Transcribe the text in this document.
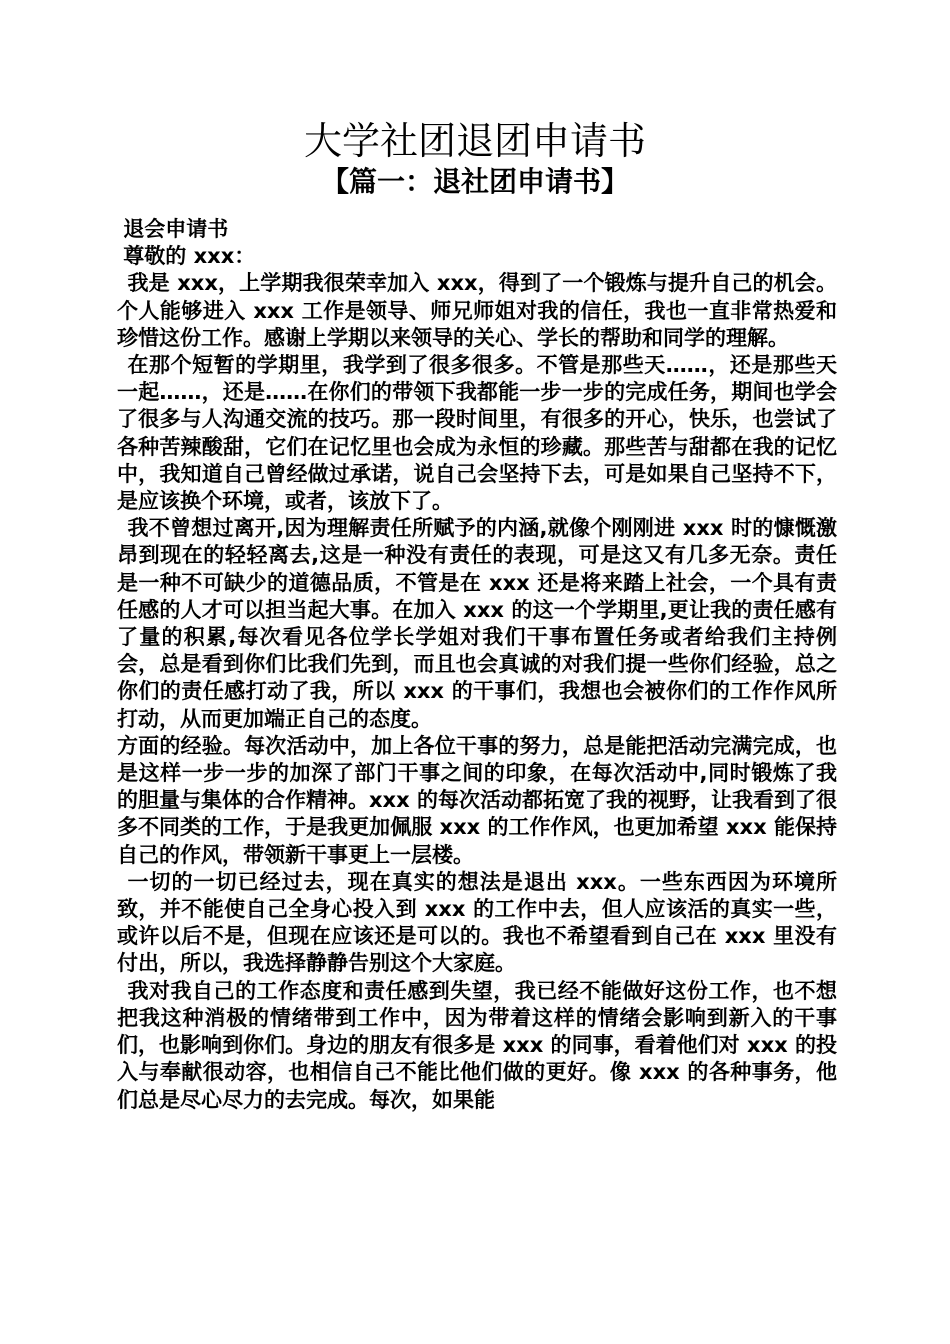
大学社团退团申请书
【篇一：退社团申请书】

退会申请书

尊敬的 xxx：

我是 xxx，上学期我很荣幸加入 xxx，得到了一个锻炼与提升自己的机会。个人能够进入 xxx 工作是领导、师兄师姐对我的信任，我也一直非常热爱和珍惜这份工作。感谢上学期以来领导的关心、学长的帮助和同学的理解。

在那个短暂的学期里，我学到了很多很多。不管是那些天……，还是那些天一起……，还是……在你们的带领下我都能一步一步的完成任务，期间也学会了很多与人沟通交流的技巧。那一段时间里，有很多的开心，快乐，也尝试了各种苦辣酸甜，它们在记忆里也会成为永恒的珍藏。那些苦与甜都在我的记忆中，我知道自己曾经做过承诺，说自己会坚持下去，可是如果自己坚持不下，是应该换个环境，或者，该放下了。

我不曾想过离开,因为理解责任所赋予的内涵,就像个刚刚进 xxx 时的慷慨激昂到现在的轻轻离去,这是一种没有责任的表现，可是这又有几多无奈。责任是一种不可缺少的道德品质，不管是在 xxx 还是将来踏上社会，一个具有责任感的人才可以担当起大事。在加入 xxx 的这一个学期里,更让我的责任感有了量的积累,每次看见各位学长学姐对我们干事布置任务或者给我们主持例会，总是看到你们比我们先到，而且也会真诚的对我们提一些你们经验，总之你们的责任感打动了我，所以 xxx 的干事们，我想也会被你们的工作作风所打动，从而更加端正自己的态度。

方面的经验。每次活动中，加上各位干事的努力，总是能把活动完满完成，也是这样一步一步的加深了部门干事之间的印象，在每次活动中,同时锻炼了我的胆量与集体的合作精神。xxx 的每次活动都拓宽了我的视野，让我看到了很多不同类的工作，于是我更加佩服 xxx 的工作作风，也更加希望 xxx 能保持自己的作风，带领新干事更上一层楼。

一切的一切已经过去，现在真实的想法是退出 xxx。一些东西因为环境所致，并不能使自己全身心投入到 xxx 的工作中去，但人应该活的真实一些，或许以后不是，但现在应该还是可以的。我也不希望看到自己在 xxx 里没有付出，所以，我选择静静告别这个大家庭。

我对我自己的工作态度和责任感到失望，我已经不能做好这份工作，也不想把我这种消极的情绪带到工作中，因为带着这样的情绪会影响到新入的干事们，也影响到你们。身边的朋友有很多是 xxx 的同事，看着他们对 xxx 的投入与奉献很动容，也相信自己不能比他们做的更好。像 xxx 的各种事务，他们总是尽心尽力的去完成。每次，如果能
